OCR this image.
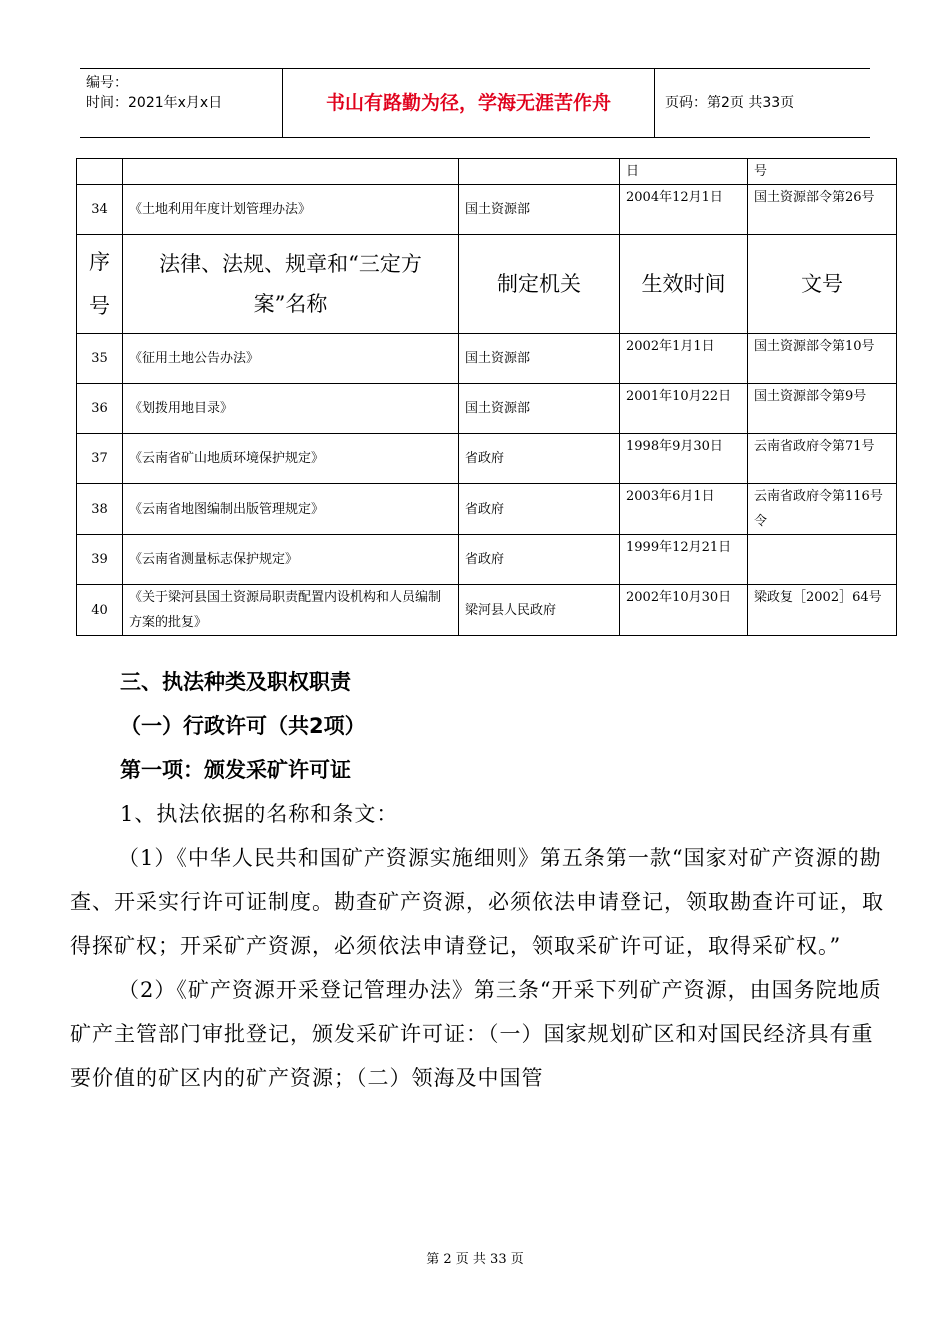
编号：
时间：2021年x月x日	书山有路勤为径，学海无涯苦作舟	页码：第2页 共33页
			日	号
34	《土地利用年度计划管理办法》	国土资源部	2004年12月1日	国土资源部令第26号
序号	法律、法规、规章和“三定方案”名称	制定机关	生效时间	文号
35	《征用土地公告办法》	国土资源部	2002年1月1日	国土资源部令第10号
36	《划拨用地目录》	国土资源部	2001年10月22日	国土资源部令第9号
37	《云南省矿山地质环境保护规定》	省政府	1998年9月30日	云南省政府令第71号
38	《云南省地图编制出版管理规定》	省政府	2003年6月1日	云南省政府令第116号令
39	《云南省测量标志保护规定》	省政府	1999年12月21日	
40	《关于梁河县国土资源局职责配置内设机构和人员编制方案的批复》	梁河县人民政府	2002年10月30日	梁政复［2002］64号
三、执法种类及职权职责
（一）行政许可（共2项）
第一项：颁发采矿许可证
1、执法依据的名称和条文：
（1）《中华人民共和国矿产资源实施细则》第五条第一款“国家对矿产资源的勘查、开采实行许可证制度。勘查矿产资源，必须依法申请登记，领取勘查许可证，取得探矿权；开采矿产资源，必须依法申请登记，领取采矿许可证，取得采矿权。”
（2）《矿产资源开采登记管理办法》第三条“开采下列矿产资源，由国务院地质矿产主管部门审批登记，颁发采矿许可证：（一）国家规划矿区和对国民经济具有重要价值的矿区内的矿产资源；（二）领海及中国管
第 2 页 共 33 页
